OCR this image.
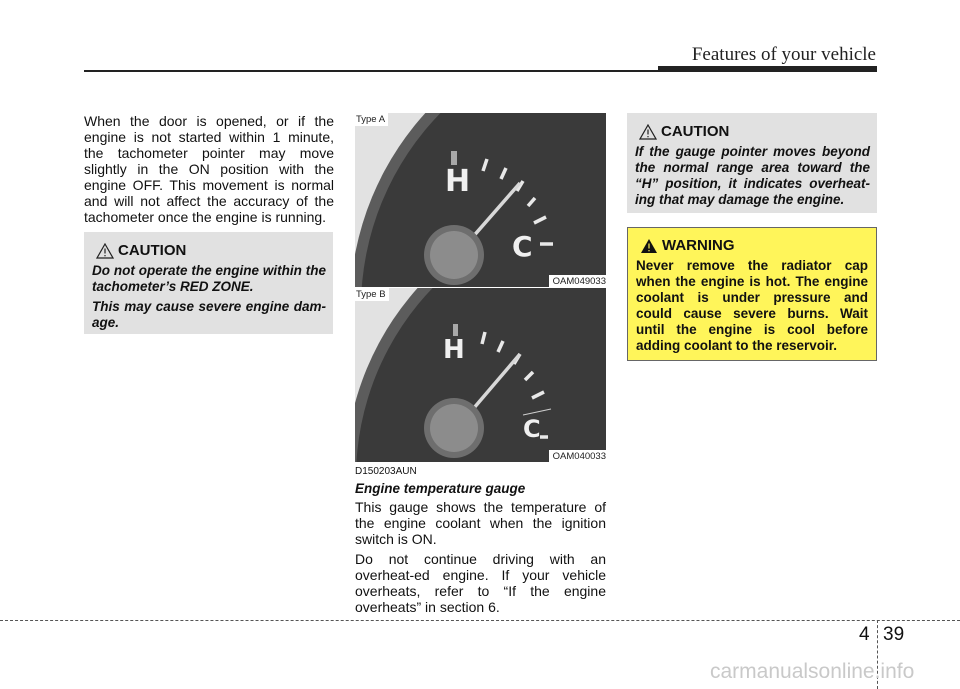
Features of your vehicle

When the door is opened, or if the engine is not started within 1 minute, the tachometer pointer may move slightly in the ON position with the engine OFF. This movement is normal and will not affect the accuracy of the tachometer once the engine is running.

CAUTION

Do not operate the engine within the tachometer’s RED ZONE.

This may cause severe engine dam-age.

H
C
Type A
OAM049033
H
C
Type B
OAM040033

D150203AUN

Engine temperature gauge

This gauge shows the temperature of the engine coolant when the ignition switch is ON.

Do not continue driving with an overheat-ed engine. If your vehicle overheats, refer to “If the engine overheats” in section 6.

CAUTION

If the gauge pointer moves beyond the normal range area toward the “H” position, it indicates overheat-ing that may damage the engine.

WARNING

Never remove the radiator cap when the engine is hot. The engine coolant is under pressure and could cause severe burns. Wait until the engine is cool before adding coolant to the reservoir.

4 39
carmanualsonline.info
